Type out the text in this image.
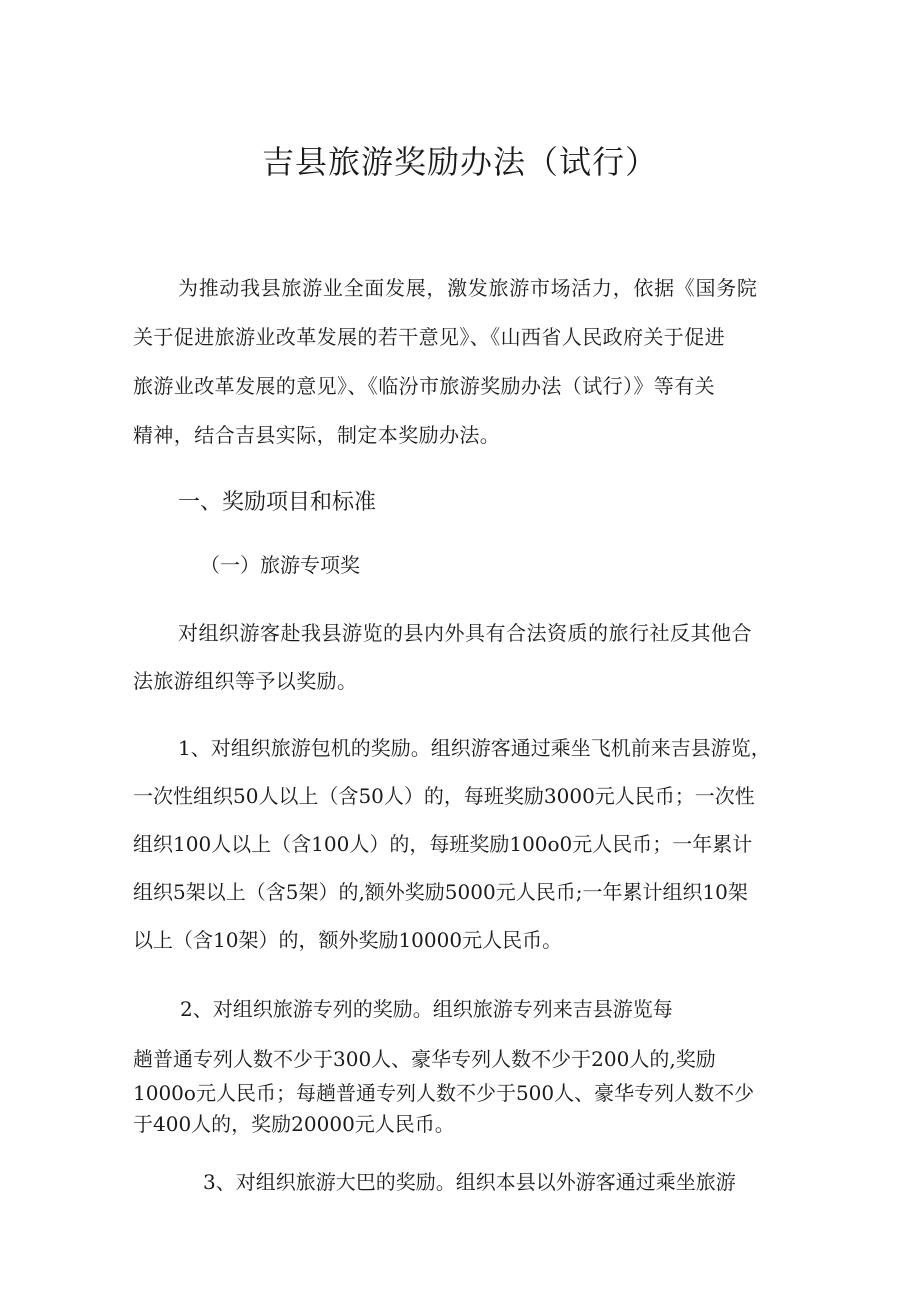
吉县旅游奖励办法（试行）

为推动我县旅游业全面发展，激发旅游市场活力，依据《国务院

关于促进旅游业改革发展的若干意见》、《山西省人民政府关于促进

旅游业改革发展的意见》、《临汾市旅游奖励办法（试行）》等有关

精神，结合吉县实际，制定本奖励办法。

一、奖励项目和标准

（一）旅游专项奖

对组织游客赴我县游览的县内外具有合法资质的旅行社反其他合

法旅游组织等予以奖励。

1、对组织旅游包机的奖励。组织游客通过乘坐飞机前来吉县游览，

一次性组织50人以上（含50人）的，每班奖励3000元人民币；一次性

组织100人以上（含100人）的，每班奖励100o0元人民币；一年累计

组织5架以上（含5架）的,额外奖励5000元人民币;一年累计组织10架

以上（含10架）的，额外奖励10000元人民币。

2、对组织旅游专列的奖励。组织旅游专列来吉县游览每

趟普通专列人数不少于300人、豪华专列人数不少于200人的,奖励

1000o元人民币；每趟普通专列人数不少于500人、豪华专列人数不少

于400人的，奖励20000元人民币。

3、对组织旅游大巴的奖励。组织本县以外游客通过乘坐旅游
